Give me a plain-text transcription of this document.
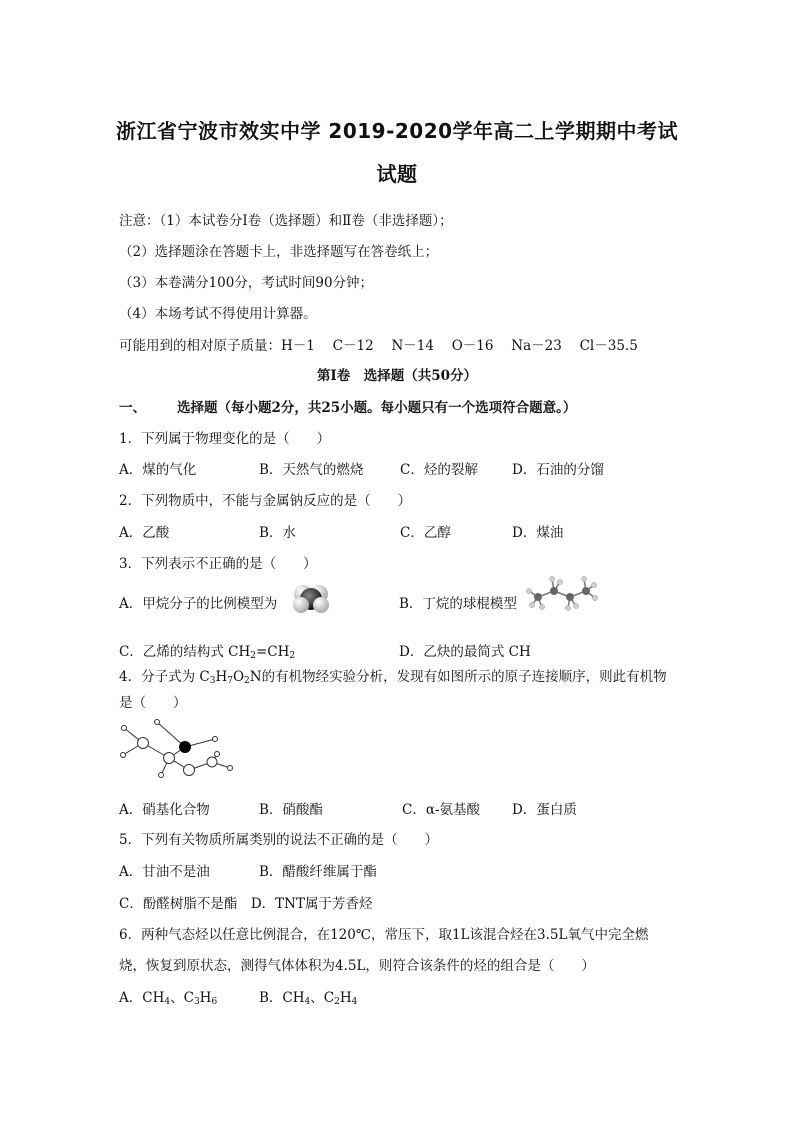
浙江省宁波市效实中学 2019-2020学年高二上学期期中考试
试题
注意：（1）本试卷分Ⅰ卷（选择题）和Ⅱ卷（非选择题）；
（2）选择题涂在答题卡上，非选择题写在答卷纸上；
（3）本卷满分100分，考试时间90分钟；
（4）本场考试不得使用计算器。
可能用到的相对原子质量：H－1　 C－12　 N－14　 O－16　 Na－23　 Cl－35.5
第Ⅰ卷　选择题（共50分）
一、 选择题（每小题2分，共25小题。每小题只有一个选项符合题意。）
1．下列属于物理变化的是（　　）
A．煤的气化	B．天然气的燃烧	C．烃的裂解	D．石油的分馏
2．下列物质中，不能与金属钠反应的是（　　）
A．乙酸	B．水	C．乙醇	D．煤油
3．下列表示不正确的是（　　）
A．甲烷分子的比例模型为	B．丁烷的球棍模型
C．乙烯的结构式 $CH_2=CH_2$	D．乙炔的最简式 CH
4．分子式为 $C_3H_7O_2N$的有机物经实验分析，发现有如图所示的原子连接顺序，则此有机物
是（　　）
A．硝基化合物	B．硝酸酯	C．α-氨基酸 D．蛋白质
5．下列有关物质所属类别的说法不正确的是（　　）
A．甘油不是油	B．醋酸纤维属于酯
C．酚醛树脂不是酯　D．TNT属于芳香烃
6．两种气态烃以任意比例混合，在120℃，常压下，取1L该混合烃在3.5L氧气中完全燃
烧，恢复到原状态，测得气体体积为4.5L，则符合该条件的烃的组合是（　　）
A．$CH_4$、$C_3H_6$	B．$CH_4$、$C_2H_4$
